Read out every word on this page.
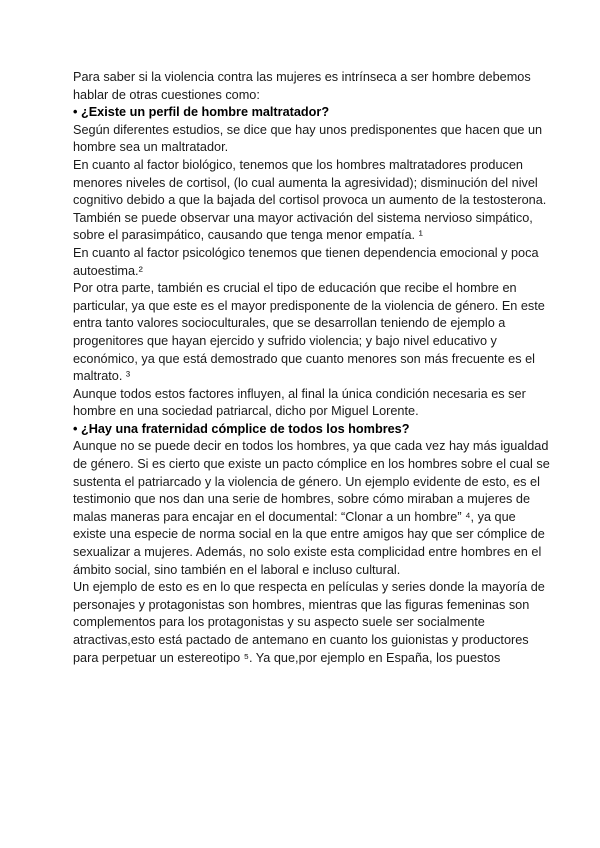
Para saber si la violencia contra las mujeres es intrínseca a ser hombre debemos
hablar de otras cuestiones como:
• ¿Existe un perfil de hombre maltratador?
Según diferentes estudios, se dice que hay unos predisponentes que hacen que un
hombre sea un maltratador.
En cuanto al factor biológico, tenemos que los hombres maltratadores producen
menores niveles de cortisol, (lo cual aumenta la agresividad); disminución del nivel
cognitivo debido a que la bajada del cortisol provoca un aumento de la testosterona.
También se puede observar una mayor activación del sistema nervioso simpático,
sobre el parasimpático, causando que tenga menor empatía. ¹
En cuanto al factor psicológico tenemos que tienen dependencia emocional y poca
autoestima.²
Por otra parte, también es crucial el tipo de educación que recibe el hombre en
particular, ya que este es el mayor predisponente de la violencia de género. En este
entra tanto valores socioculturales, que se desarrollan teniendo de ejemplo a
progenitores que hayan ejercido y sufrido violencia; y bajo nivel educativo y
económico, ya que está demostrado que cuanto menores son más frecuente es el
maltrato. ³
Aunque todos estos factores influyen, al final la única condición necesaria es ser
hombre en una sociedad patriarcal, dicho por Miguel Lorente.
• ¿Hay una fraternidad cómplice de todos los hombres?
Aunque no se puede decir en todos los hombres, ya que cada vez hay más igualdad
de género. Si es cierto que existe un pacto cómplice en los hombres sobre el cual se
sustenta el patriarcado y la violencia de género. Un ejemplo evidente de esto, es el
testimonio que nos dan una serie de hombres, sobre cómo miraban a mujeres de
malas maneras para encajar en el documental: “Clonar a un hombre” ⁴, ya que
existe una especie de norma social en la que entre amigos hay que ser cómplice de
sexualizar a mujeres. Además, no solo existe esta complicidad entre hombres en el
ámbito social, sino también en el laboral e incluso cultural.
Un ejemplo de esto es en lo que respecta en películas y series donde la mayoría de
personajes y protagonistas son hombres, mientras que las figuras femeninas son
complementos para los protagonistas y su aspecto suele ser socialmente
atractivas,esto está pactado de antemano en cuanto los guionistas y productores
para perpetuar un estereotipo ⁵. Ya que,por ejemplo en España, los puestos
